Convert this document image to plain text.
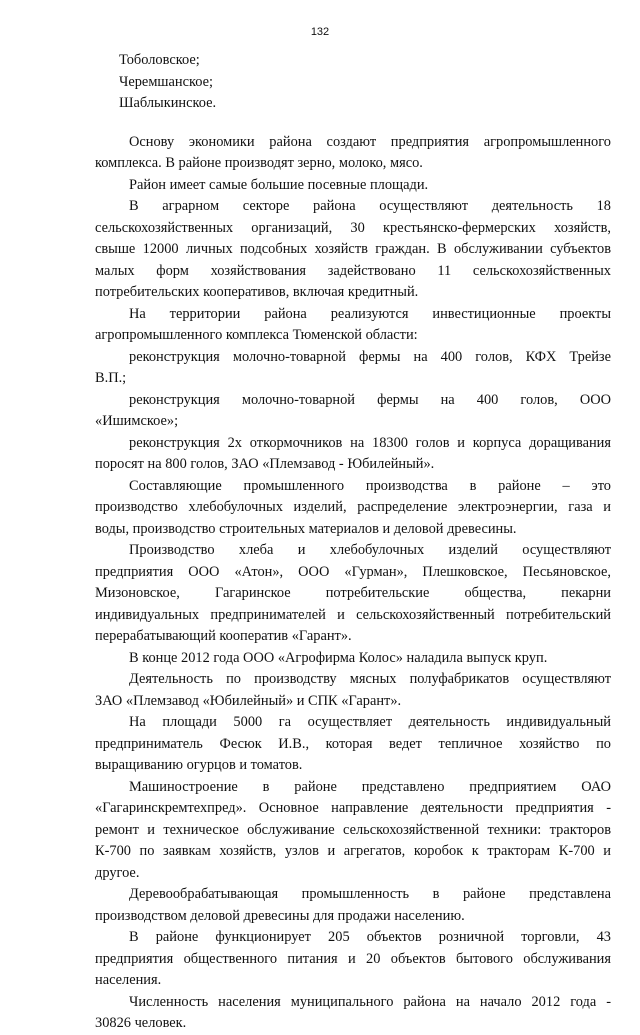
132
Тоболовское;
Черемшанское;
Шаблыкинское.
Основу экономики района создают предприятия агропромышленного
комплекса. В районе производят зерно, молоко, мясо.
Район имеет самые большие посевные площади.
В аграрном секторе района осуществляют деятельность 18
сельскохозяйственных организаций, 30 крестьянско-фермерских хозяйств,
свыше 12000 личных подсобных хозяйств граждан. В обслуживании субъектов
малых форм хозяйствования задействовано 11 сельскохозяйственных
потребительских кооперативов, включая кредитный.
На территории района реализуются инвестиционные проекты
агропромышленного комплекса Тюменской области:
реконструкция молочно-товарной фермы на 400 голов, КФХ Трейзе
В.П.;
реконструкция молочно-товарной фермы на 400 голов, ООО
«Ишимское»;
реконструкция 2х откормочников на 18300 голов и корпуса доращивания
поросят на 800 голов, ЗАО «Племзавод - Юбилейный».
Составляющие промышленного производства в районе – это
производство хлебобулочных изделий, распределение электроэнергии, газа и
воды, производство строительных материалов и деловой древесины.
Производство хлеба и хлебобулочных изделий осуществляют
предприятия ООО «Атон», ООО «Гурман», Плешковское, Песьяновское,
Мизоновское, Гагаринское потребительские общества, пекарни
индивидуальных предпринимателей и сельскохозяйственный потребительский
перерабатывающий кооператив «Гарант».
В конце 2012 года ООО «Агрофирма Колос» наладила выпуск круп.
Деятельность по производству мясных полуфабрикатов осуществляют
ЗАО «Племзавод «Юбилейный» и СПК «Гарант».
На площади 5000 га осуществляет деятельность индивидуальный
предприниматель Фесюк И.В., которая ведет тепличное хозяйство по
выращиванию огурцов и томатов.
Машиностроение в районе представлено предприятием ОАО
«Гагаринскремтехпред». Основное направление деятельности предприятия -
ремонт и техническое обслуживание сельскохозяйственной техники: тракторов
К-700 по заявкам хозяйств, узлов и агрегатов, коробок к тракторам К-700 и
другое.
Деревообрабатывающая промышленность в районе представлена
производством деловой древесины для продажи населению.
В районе функционирует 205 объектов розничной торговли, 43
предприятия общественного питания и 20 объектов бытового обслуживания
населения.
Численность населения муниципального района на начало 2012 года -
30826 человек.
